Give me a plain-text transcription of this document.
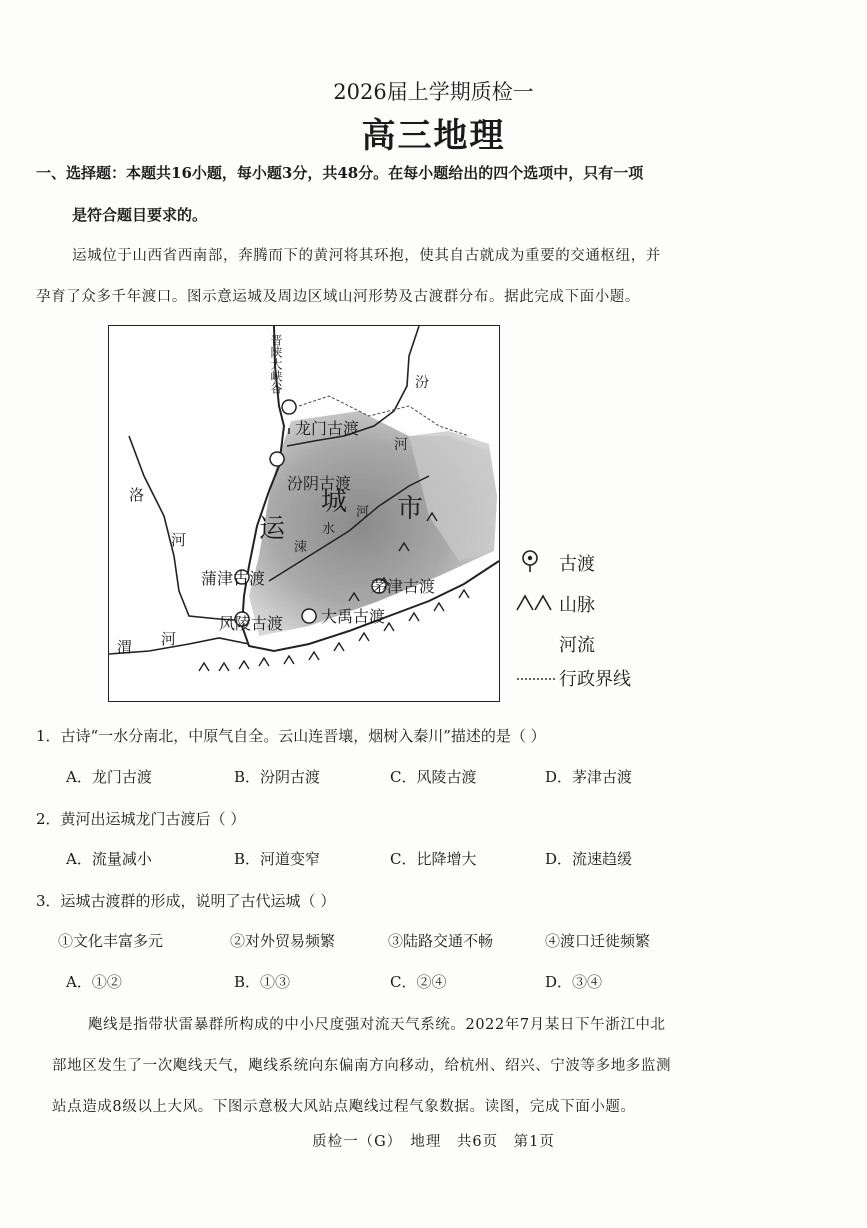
2026届上学期质检一
高三地理
一、选择题：本题共16小题，每小题3分，共48分。在每小题给出的四个选项中，只有一项
是符合题目要求的。
运城位于山西省西南部，奔腾而下的黄河将其环抱，使其自古就成为重要的交通枢纽，并
孕育了众多千年渡口。图示意运城及周边区域山河形势及古渡群分布。据此完成下面小题。
晋陕大峡谷	汾
河
龙门古渡
汾阴古渡
洛
河	运
城 市
涑
水
河
蒲津古渡	茅津古渡
大禹古渡
风陵古渡
渭 河
古渡
山脉
河流
行政界线
1．古诗“一水分南北，中原气自全。云山连晋壤，烟树入秦川”描述的是（ ）
A．龙门古渡	B．汾阴古渡	C．风陵古渡	D．茅津古渡
2．黄河出运城龙门古渡后（ ）
A．流量减小	B．河道变窄	C．比降增大	D．流速趋缓
3．运城古渡群的形成，说明了古代运城（ ）
①文化丰富多元	②对外贸易频繁	③陆路交通不畅	④渡口迁徙频繁
A．①②	B．①③	C．②④	D．③④
飑线是指带状雷暴群所构成的中小尺度强对流天气系统。2022年7月某日下午浙江中北
部地区发生了一次飑线天气，飑线系统向东偏南方向移动，给杭州、绍兴、宁波等多地多监测
站点造成8级以上大风。下图示意极大风站点飑线过程气象数据。读图，完成下面小题。
质检一（G）　地理　共6页　第1页
